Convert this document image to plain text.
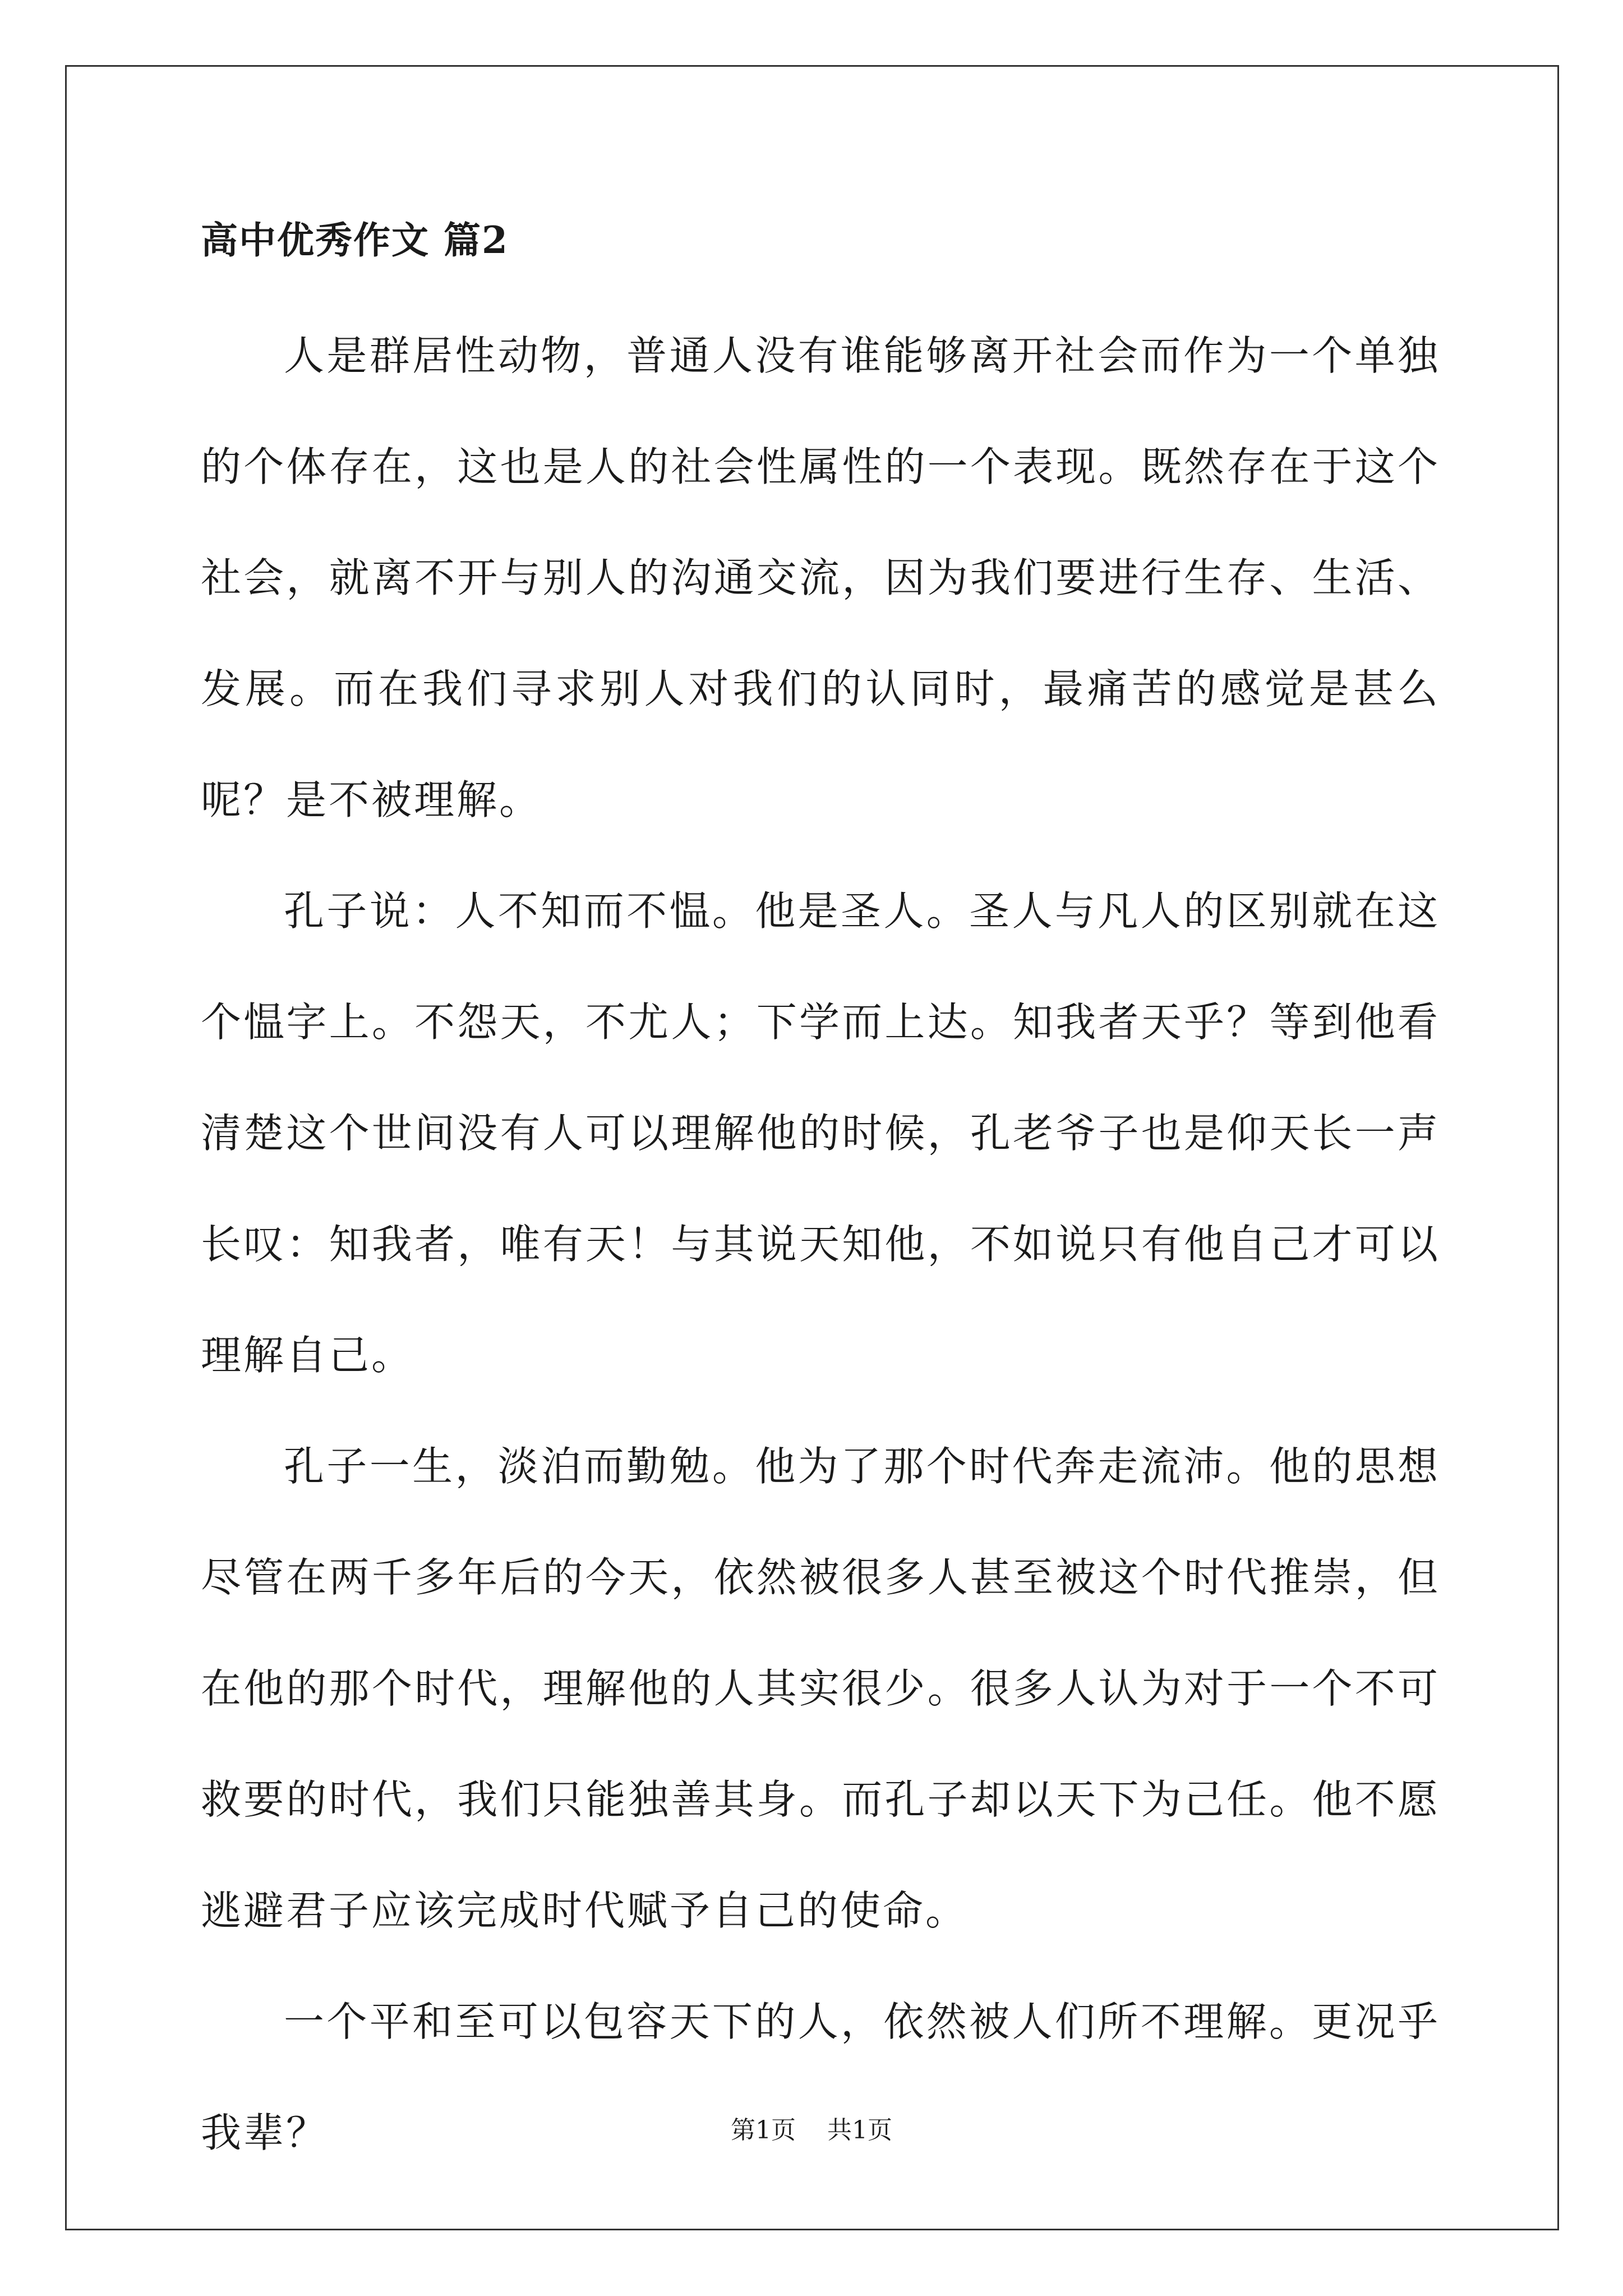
高中优秀作文 篇2

人是群居性动物，普通人没有谁能够离开社会而作为一个单独的个体存在，这也是人的社会性属性的一个表现。既然存在于这个社会，就离不开与别人的沟通交流，因为我们要进行生存、生活、发展。而在我们寻求别人对我们的认同时，最痛苦的感觉是甚么呢？是不被理解。

孔子说：人不知而不愠。他是圣人。圣人与凡人的区别就在这个愠字上。不怨天，不尤人；下学而上达。知我者天乎？等到他看清楚这个世间没有人可以理解他的时候，孔老爷子也是仰天长一声长叹：知我者，唯有天！与其说天知他，不如说只有他自己才可以理解自己。

孔子一生，淡泊而勤勉。他为了那个时代奔走流沛。他的思想尽管在两千多年后的今天，依然被很多人甚至被这个时代推崇，但在他的那个时代，理解他的人其实很少。很多人认为对于一个不可救要的时代，我们只能独善其身。而孔子却以天下为己任。他不愿逃避君子应该完成时代赋予自己的使命。

一个平和至可以包容天下的人，依然被人们所不理解。更况乎我辈？	第1页 共1页
